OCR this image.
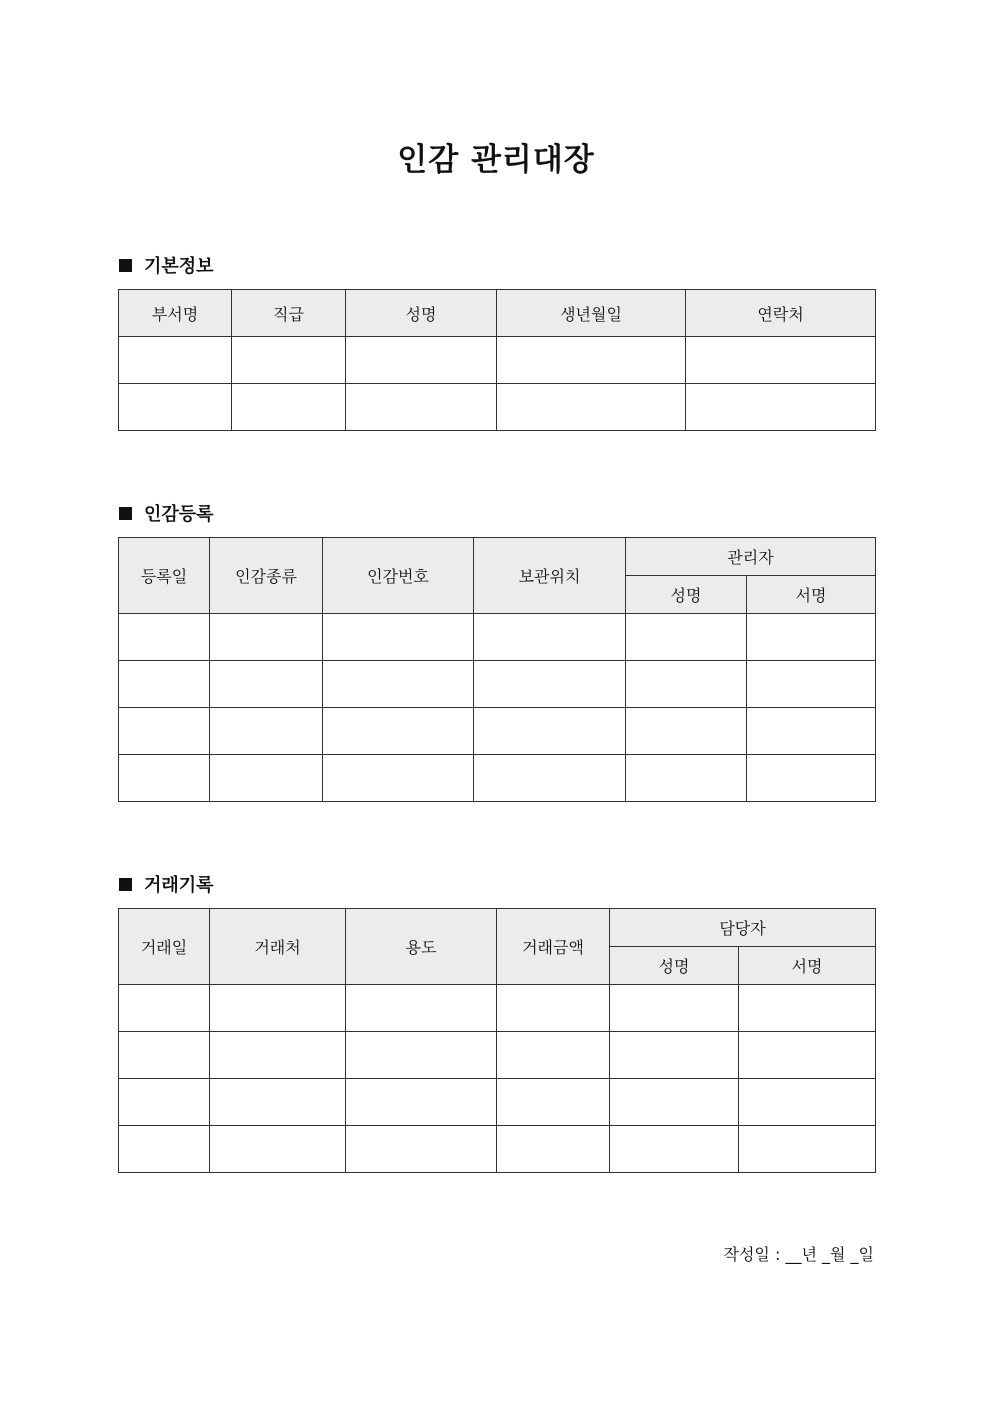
인감 관리대장
기본정보
부서명	직급	성명	생년월일	연락처

인감등록
등록일	인감종류	인감번호	보관위치	관리자	
				성명	서명

거래기록
거래일	거래처	용도	거래금액	담당자	
				성명	서명

작성일 : __년 _월 _일
